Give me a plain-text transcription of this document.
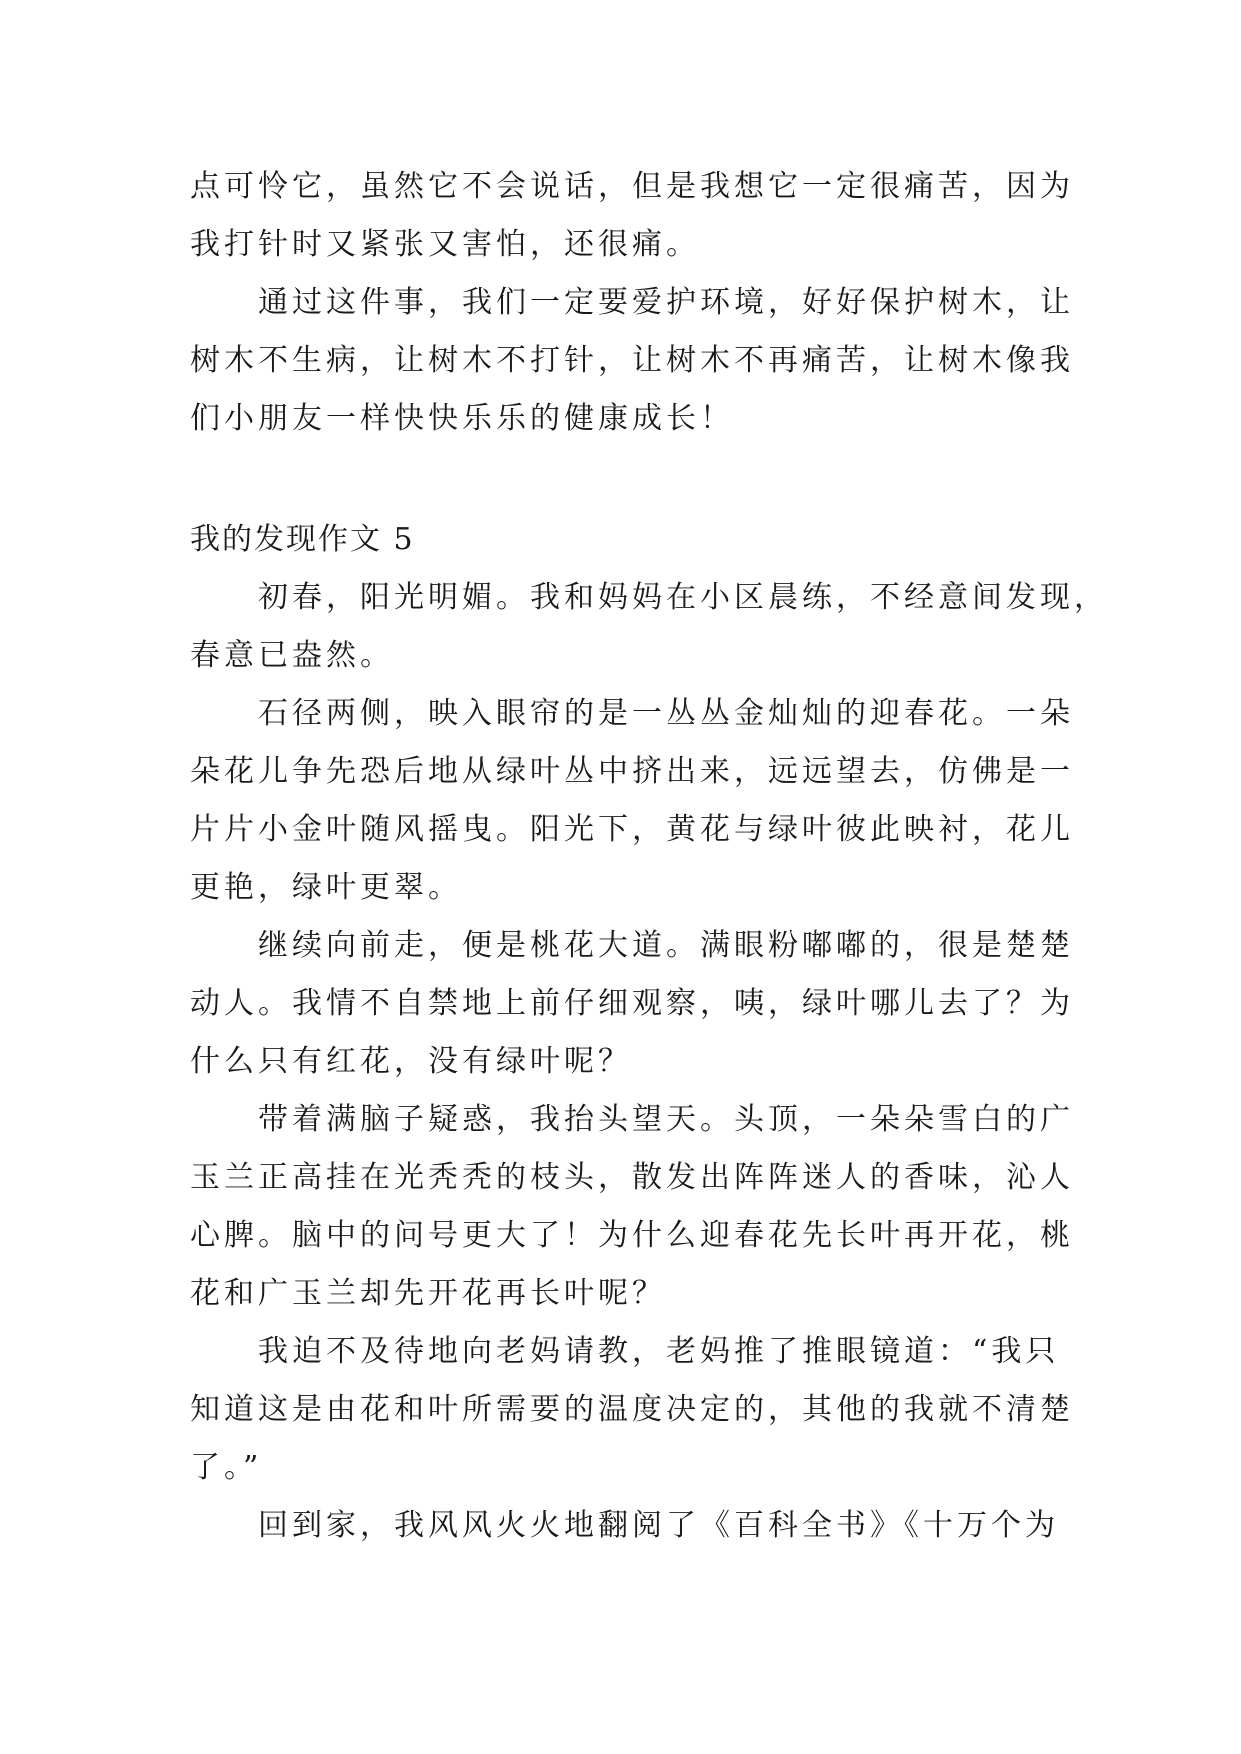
点可怜它，虽然它不会说话，但是我想它一定很痛苦，因为
我打针时又紧张又害怕，还很痛。
通过这件事，我们一定要爱护环境，好好保护树木，让
树木不生病，让树木不打针，让树木不再痛苦，让树木像我
们小朋友一样快快乐乐的健康成长！
我的发现作文 5
初春，阳光明媚。我和妈妈在小区晨练，不经意间发现，
春意已盎然。
石径两侧，映入眼帘的是一丛丛金灿灿的迎春花。一朵
朵花儿争先恐后地从绿叶丛中挤出来，远远望去，仿佛是一
片片小金叶随风摇曳。阳光下，黄花与绿叶彼此映衬，花儿
更艳，绿叶更翠。
继续向前走，便是桃花大道。满眼粉嘟嘟的，很是楚楚
动人。我情不自禁地上前仔细观察，咦，绿叶哪儿去了？为
什么只有红花，没有绿叶呢？
带着满脑子疑惑，我抬头望天。头顶，一朵朵雪白的广
玉兰正高挂在光秃秃的枝头，散发出阵阵迷人的香味，沁人
心脾。脑中的问号更大了！为什么迎春花先长叶再开花，桃
花和广玉兰却先开花再长叶呢？
我迫不及待地向老妈请教，老妈推了推眼镜道：“我只
知道这是由花和叶所需要的温度决定的，其他的我就不清楚
了。”
回到家，我风风火火地翻阅了《百科全书》《十万个为
